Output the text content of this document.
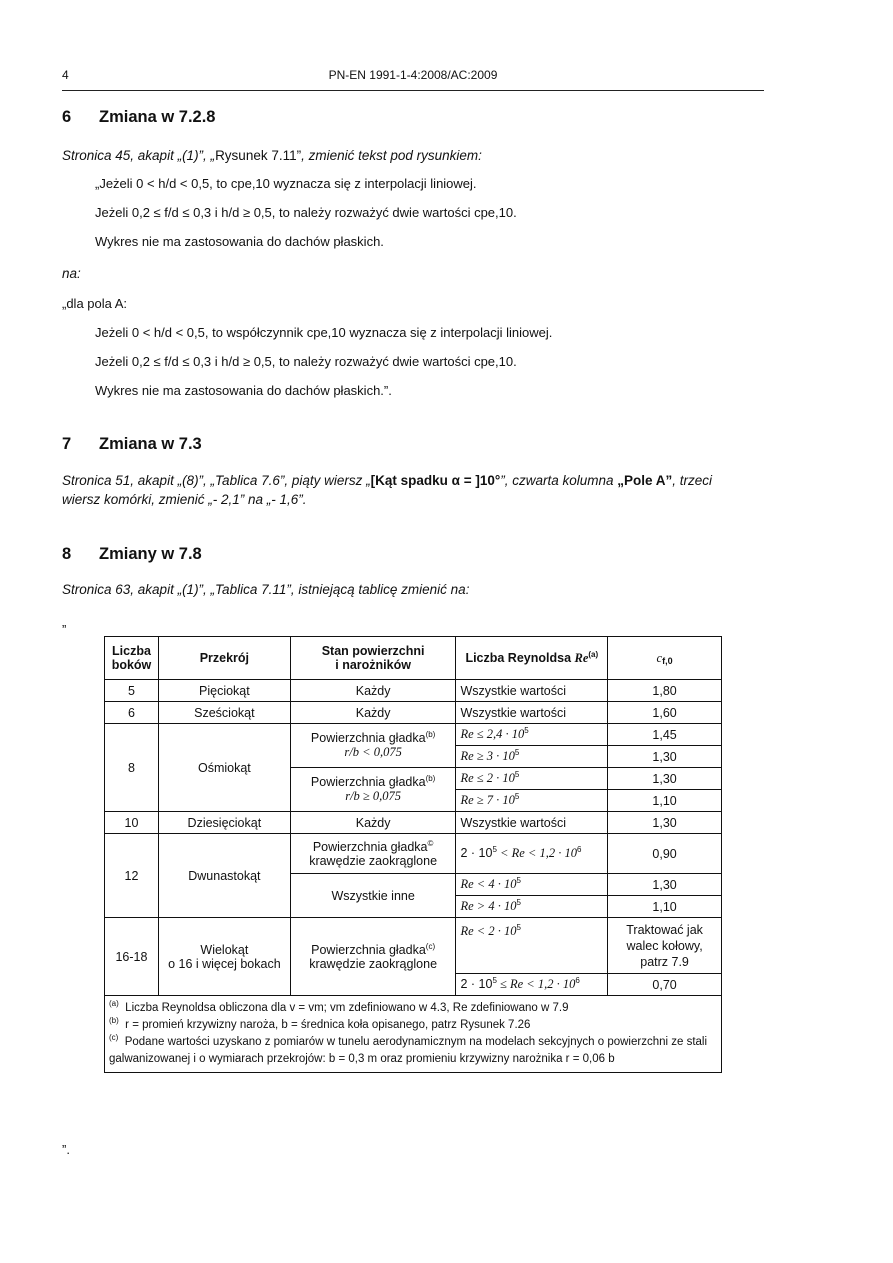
4	PN-EN 1991-1-4:2008/AC:2009
6 Zmiana w 7.2.8
Stronica 45, akapit „(1)”, „Rysunek 7.11”, zmienić tekst pod rysunkiem:
„Jeżeli 0 < h/d < 0,5, to cpe,10 wyznacza się z interpolacji liniowej.
Jeżeli 0,2 ≤ f/d ≤ 0,3 i h/d ≥ 0,5, to należy rozważyć dwie wartości cpe,10.
Wykres nie ma zastosowania do dachów płaskich.
na:
„dla pola A:
Jeżeli 0 < h/d < 0,5, to współczynnik cpe,10 wyznacza się z interpolacji liniowej.
Jeżeli 0,2 ≤ f/d ≤ 0,3 i h/d ≥ 0,5, to należy rozważyć dwie wartości cpe,10.
Wykres nie ma zastosowania do dachów płaskich.”.
7 Zmiana w 7.3
Stronica 51, akapit „(8)”, „Tablica 7.6”, piąty wiersz „[Kąt spadku α = ]10°”, czwarta kolumna „Pole A”, trzeci
wiersz komórki, zmienić „- 2,1” na „- 1,6”.
8 Zmiany w 7.8
Stronica 63, akapit „(1)”, „Tablica 7.11”, istniejącą tablicę zmienić na:
”
Liczba
boków	Przekrój	Stan powierzchni
i narożników	Liczba Reynoldsa Re$^{(a)}$	$c_{f,0}$
5	Pięciokąt	Każdy	Wszystkie wartości	1,80
6	Sześciokąt	Każdy	Wszystkie wartości	1,60
8	Ośmiokąt	Powierzchnia gładka$^{(b)}$
r/b < 0,075	$Re \le 2,4 \cdot 10^5$	1,45
			$Re \ge 3 \cdot 10^5$	1,30
		Powierzchnia gładka$^{(b)}$
r/b ≥ 0,075	$Re \le 2 \cdot 10^5$	1,30
			$Re \ge 7 \cdot 10^5$	1,10
10	Dziesięciokąt	Każdy	Wszystkie wartości	1,30
12	Dwunastokąt	Powierzchnia gładka©
krawędzie zaokrąglone	$2 \cdot 10^5 < Re < 1,2 \cdot 10^6$	0,90
		Wszystkie inne	$Re < 4 \cdot 10^5$	1,30
			$Re > 4 \cdot 10^5$	1,10
16-18	Wielokąt
o 16 i więcej bokach	Powierzchnia gładka$^{(c)}$
krawędzie zaokrąglone	$Re < 2 \cdot 10^5$	Traktować jak
walec kołowy,
patrz 7.9
			$2 \cdot 10^5 \le Re < 1,2 \cdot 10^6$	0,70

$^{(a)}$ Liczba Reynoldsa obliczona dla v = vm; vm zdefiniowano w 4.3, Re zdefiniowano w 7.9
$^{(b)}$ r = promień krzywizny naroża, b = średnica koła opisanego, patrz Rysunek 7.26
$^{(c)}$ Podane wartości uzyskano z pomiarów w tunelu aerodynamicznym na modelach sekcyjnych o powierzchni ze stali galwanizowanej i o wymiarach przekrojów: b = 0,3 m oraz promieniu krzywizny narożnika r = 0,06 b				
”.
